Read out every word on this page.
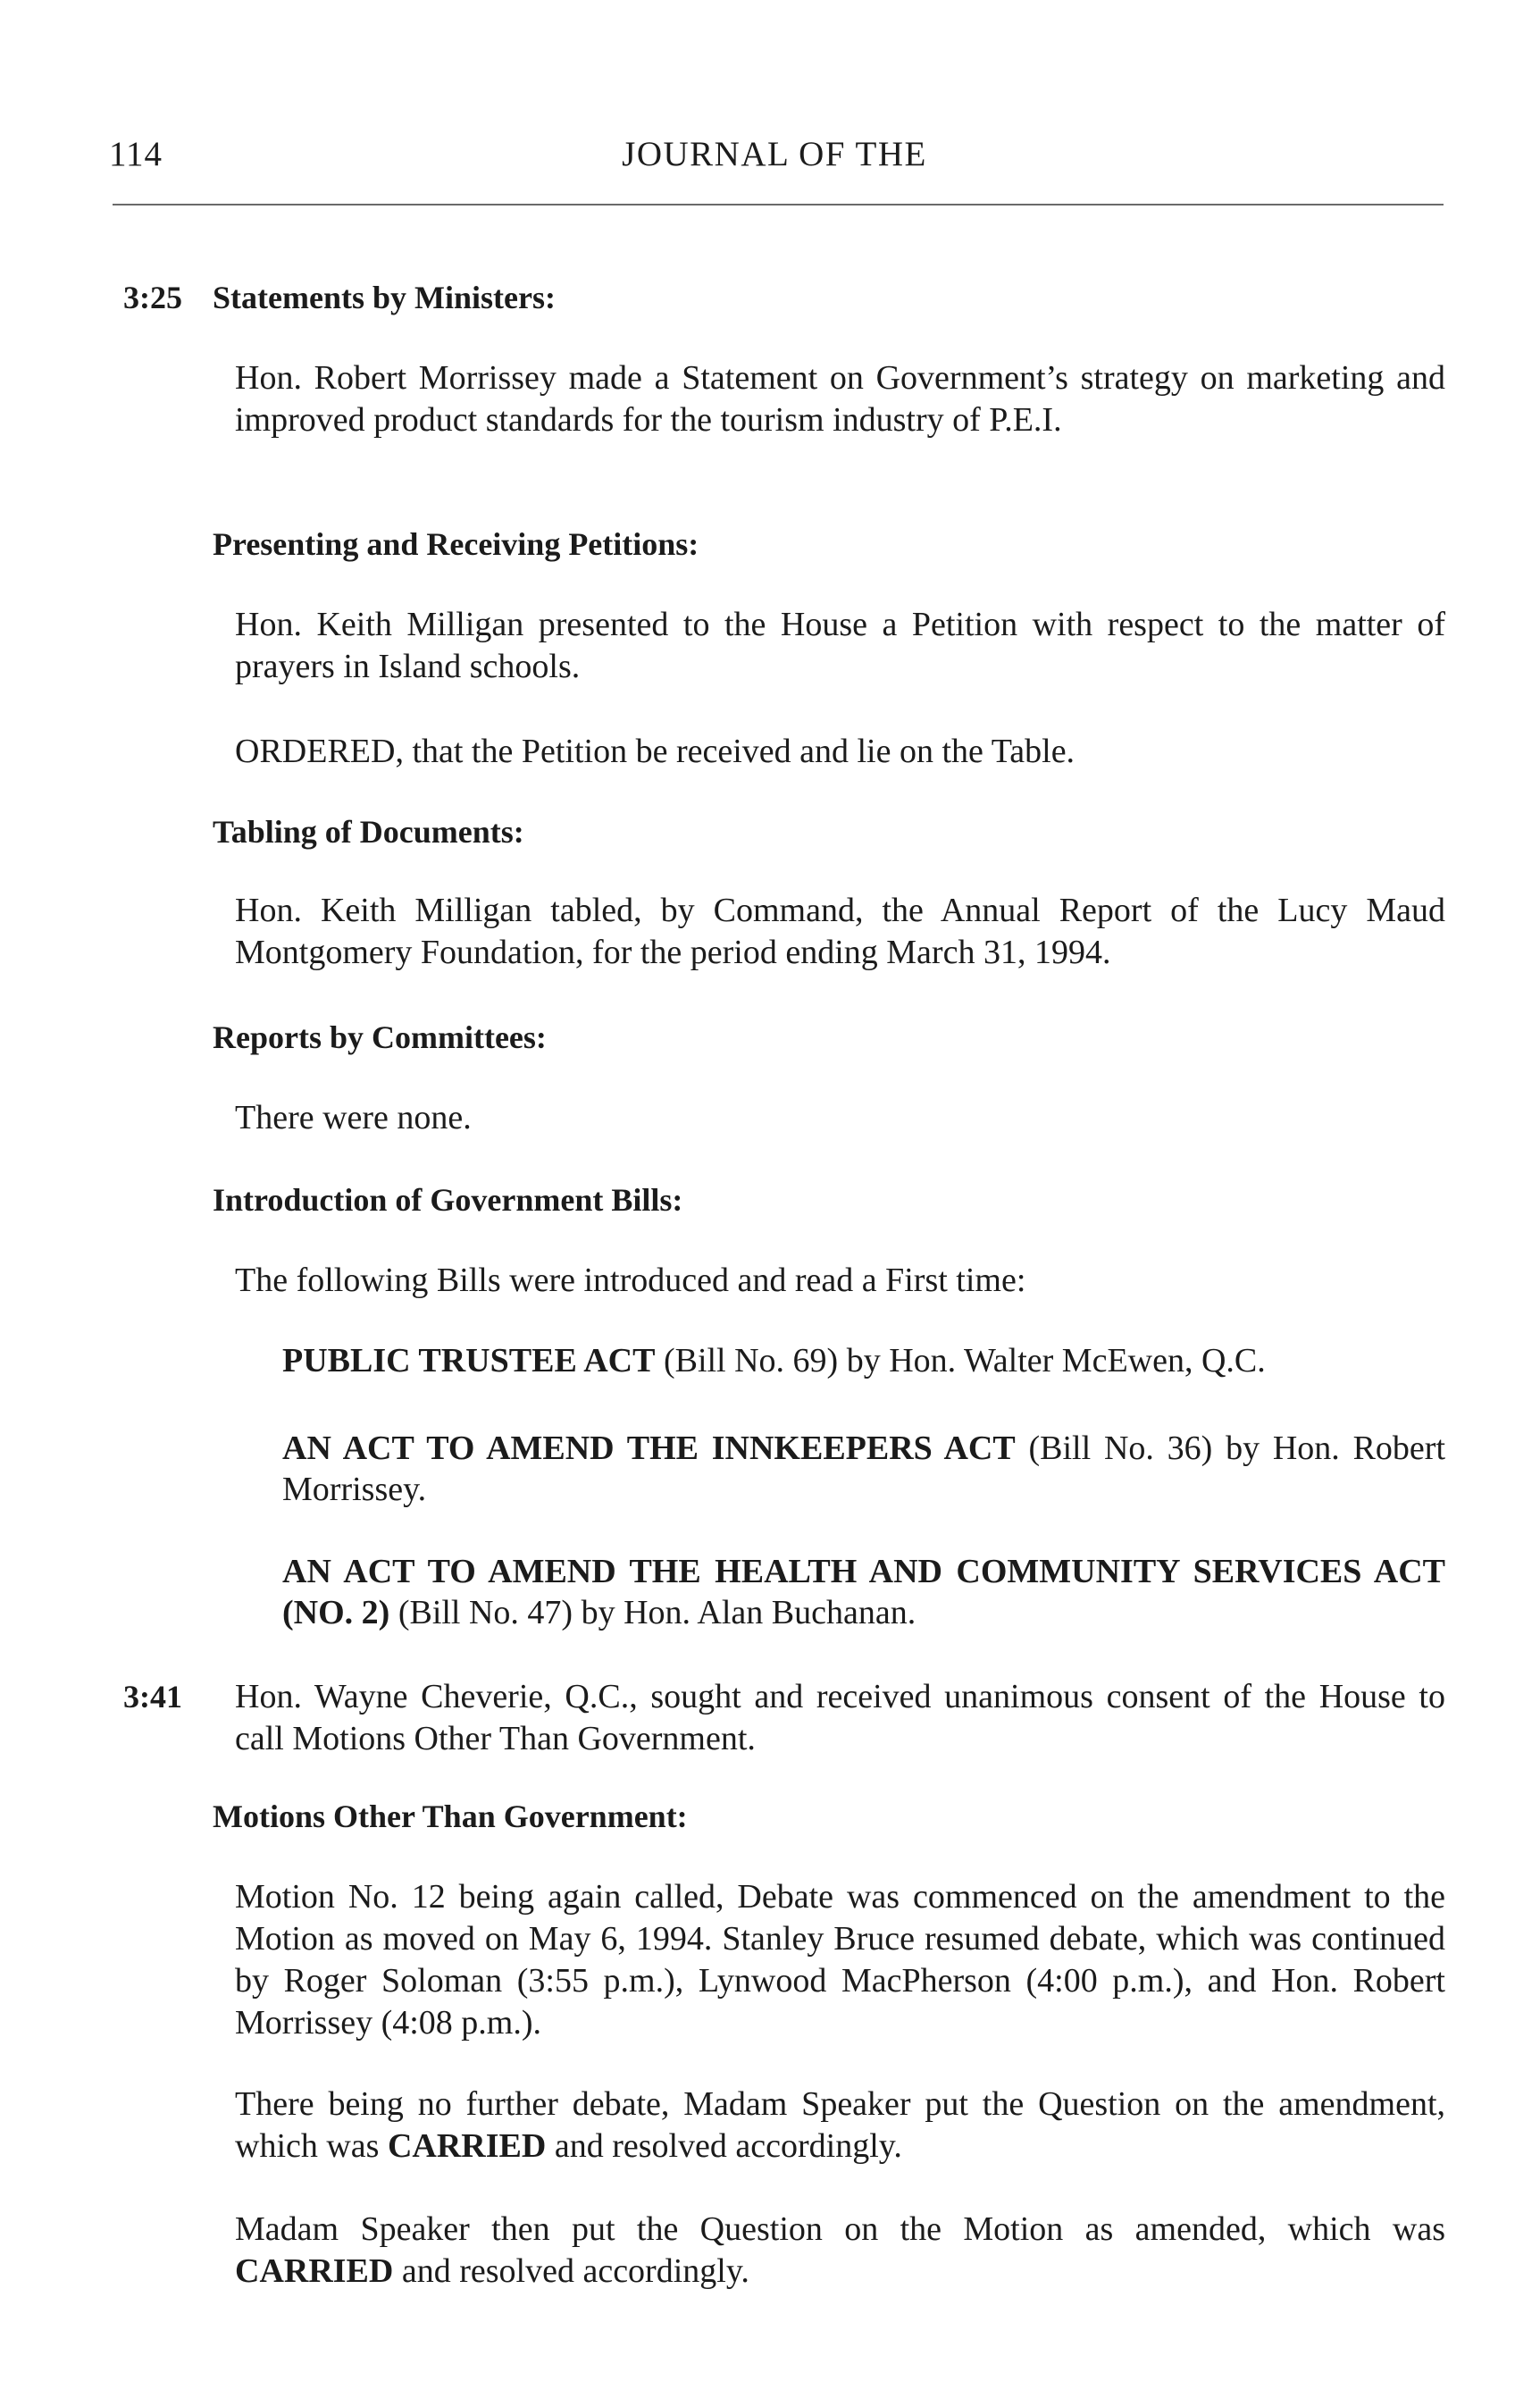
114	JOURNAL OF THE
3:25 Statements by Ministers:
Hon. Robert Morrissey made a Statement on Government’s strategy on marketing and improved product standards for the tourism industry of P.E.I.
Presenting and Receiving Petitions:
Hon. Keith Milligan presented to the House a Petition with respect to the matter of prayers in Island schools.
ORDERED, that the Petition be received and lie on the Table.
Tabling of Documents:
Hon. Keith Milligan tabled, by Command, the Annual Report of the Lucy Maud Montgomery Foundation, for the period ending March 31, 1994.
Reports by Committees:
There were none.
Introduction of Government Bills:
The following Bills were introduced and read a First time:
PUBLIC TRUSTEE ACT (Bill No. 69) by Hon. Walter McEwen, Q.C.
AN ACT TO AMEND THE INNKEEPERS ACT (Bill No. 36) by Hon. Robert Morrissey.
AN ACT TO AMEND THE HEALTH AND COMMUNITY SERVICES ACT (NO. 2) (Bill No. 47) by Hon. Alan Buchanan.
3:41 Hon. Wayne Cheverie, Q.C., sought and received unanimous consent of the House to call Motions Other Than Government.
Motions Other Than Government:
Motion No. 12 being again called, Debate was commenced on the amendment to the Motion as moved on May 6, 1994. Stanley Bruce resumed debate, which was continued by Roger Soloman (3:55 p.m.), Lynwood MacPherson (4:00 p.m.), and Hon. Robert Morrissey (4:08 p.m.).
There being no further debate, Madam Speaker put the Question on the amendment, which was CARRIED and resolved accordingly.
Madam Speaker then put the Question on the Motion as amended, which was CARRIED and resolved accordingly.
